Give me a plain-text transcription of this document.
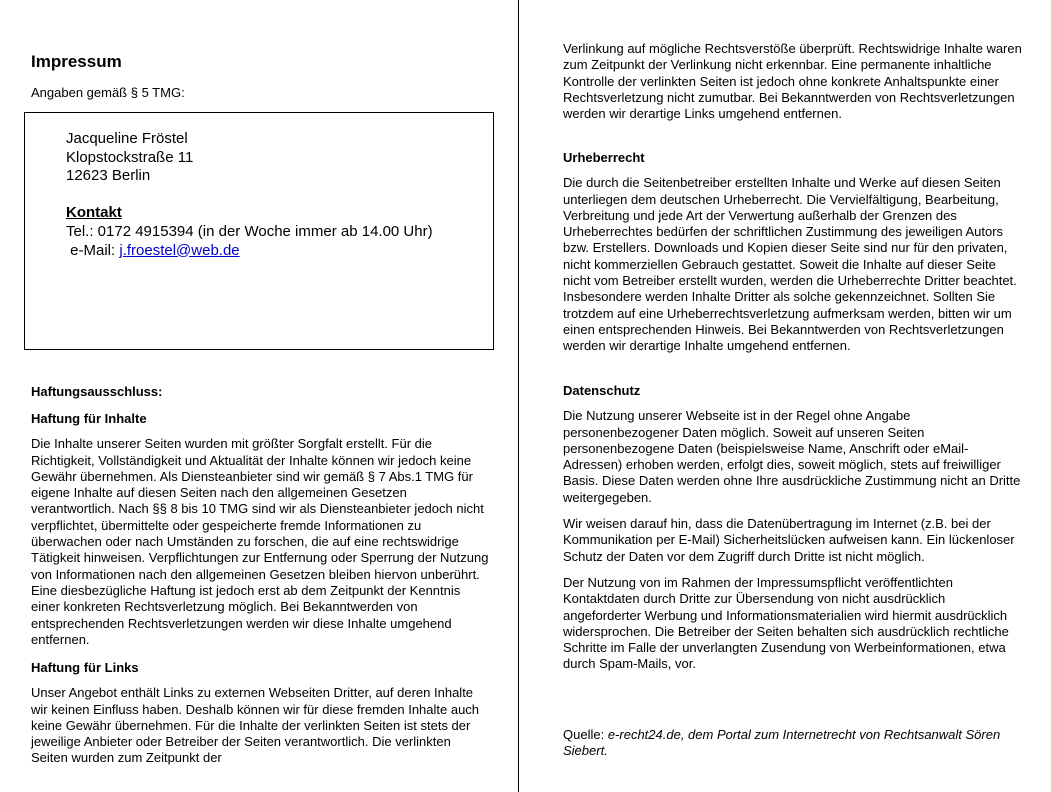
Impressum

Angaben gemäß § 5 TMG:

Jacqueline Fröstel
Klopstockstraße 11
12623 Berlin
Kontakt
Tel.: 0172 4915394 (in der Woche immer ab 14.00 Uhr)
e-Mail: j.froestel@web.de
Haftungsausschluss:
Haftung für Inhalte

Die Inhalte unserer Seiten wurden mit größter Sorgfalt erstellt. Für die Richtigkeit, Vollständigkeit und Aktualität der Inhalte können wir jedoch keine Gewähr übernehmen. Als Diensteanbieter sind wir gemäß § 7 Abs.1 TMG für eigene Inhalte auf diesen Seiten nach den allgemeinen Gesetzen verantwortlich. Nach §§ 8 bis 10 TMG sind wir als Diensteanbieter jedoch nicht verpflichtet, übermittelte oder gespeicherte fremde Informationen zu überwachen oder nach Umständen zu forschen, die auf eine rechtswidrige Tätigkeit hinweisen. Verpflichtungen zur Entfernung oder Sperrung der Nutzung von Informationen nach den allgemeinen Gesetzen bleiben hiervon unberührt. Eine diesbezügliche Haftung ist jedoch erst ab dem Zeitpunkt der Kenntnis einer konkreten Rechtsverletzung möglich. Bei Bekanntwerden von entsprechenden Rechtsverletzungen werden wir diese Inhalte umgehend entfernen.

Haftung für Links

Unser Angebot enthält Links zu externen Webseiten Dritter, auf deren Inhalte wir keinen Einfluss haben. Deshalb können wir für diese fremden Inhalte auch keine Gewähr übernehmen. Für die Inhalte der verlinkten Seiten ist stets der jeweilige Anbieter oder Betreiber der Seiten verantwortlich. Die verlinkten Seiten wurden zum Zeitpunkt der

Verlinkung auf mögliche Rechtsverstöße überprüft. Rechtswidrige Inhalte waren zum Zeitpunkt der Verlinkung nicht erkennbar. Eine permanente inhaltliche Kontrolle der verlinkten Seiten ist jedoch ohne konkrete Anhaltspunkte einer Rechtsverletzung nicht zumutbar. Bei Bekanntwerden von Rechtsverletzungen werden wir derartige Links umgehend entfernen.

Urheberrecht

Die durch die Seitenbetreiber erstellten Inhalte und Werke auf diesen Seiten unterliegen dem deutschen Urheberrecht. Die Vervielfältigung, Bearbeitung, Verbreitung und jede Art der Verwertung außerhalb der Grenzen des Urheberrechtes bedürfen der schriftlichen Zustimmung des jeweiligen Autors bzw. Erstellers. Downloads und Kopien dieser Seite sind nur für den privaten, nicht kommerziellen Gebrauch gestattet. Soweit die Inhalte auf dieser Seite nicht vom Betreiber erstellt wurden, werden die Urheberrechte Dritter beachtet. Insbesondere werden Inhalte Dritter als solche gekennzeichnet. Sollten Sie trotzdem auf eine Urheberrechtsverletzung aufmerksam werden, bitten wir um einen entsprechenden Hinweis. Bei Bekanntwerden von Rechtsverletzungen werden wir derartige Inhalte umgehend entfernen.

Datenschutz

Die Nutzung unserer Webseite ist in der Regel ohne Angabe personenbezogener Daten möglich. Soweit auf unseren Seiten personenbezogene Daten (beispielsweise Name, Anschrift oder eMail-Adressen) erhoben werden, erfolgt dies, soweit möglich, stets auf freiwilliger Basis. Diese Daten werden ohne Ihre ausdrückliche Zustimmung nicht an Dritte weitergegeben.

Wir weisen darauf hin, dass die Datenübertragung im Internet (z.B. bei der Kommunikation per E-Mail) Sicherheitslücken aufweisen kann. Ein lückenloser Schutz der Daten vor dem Zugriff durch Dritte ist nicht möglich.

Der Nutzung von im Rahmen der Impressumspflicht veröffentlichten Kontaktdaten durch Dritte zur Übersendung von nicht ausdrücklich angeforderter Werbung und Informationsmaterialien wird hiermit ausdrücklich widersprochen. Die Betreiber der Seiten behalten sich ausdrücklich rechtliche Schritte im Falle der unverlangten Zusendung von Werbeinformationen, etwa durch Spam-Mails, vor.

Quelle: e-recht24.de, dem Portal zum Internetrecht von Rechtsanwalt Sören Siebert.
